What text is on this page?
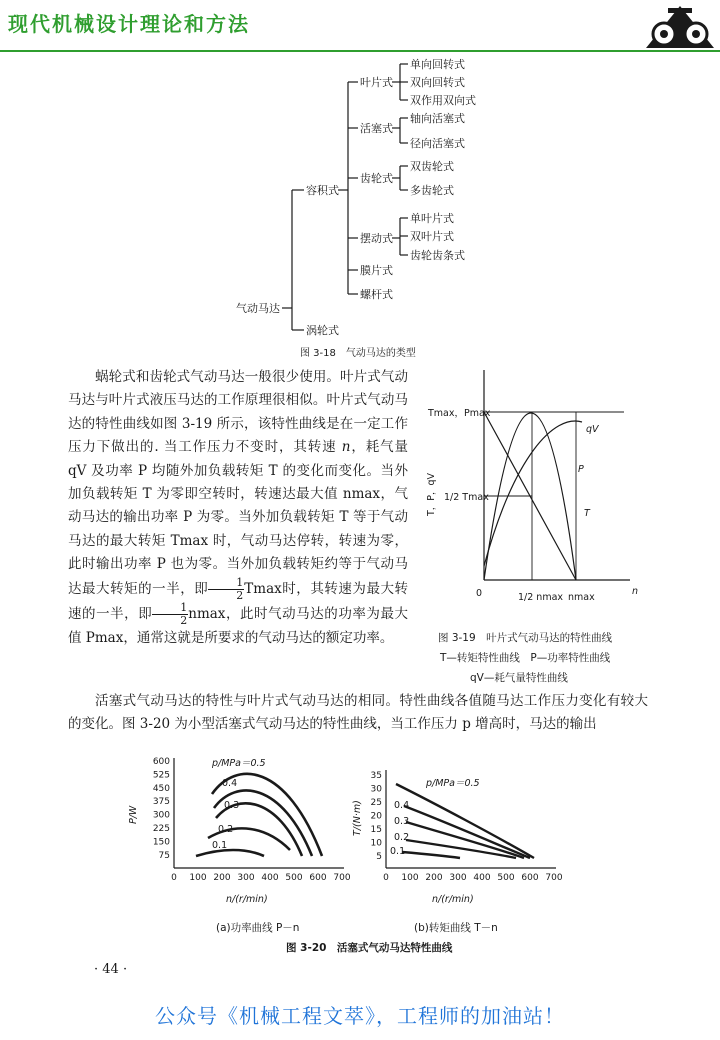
现代机械设计理论和方法
气动马达
容积式
涡轮式
叶片式
活塞式
齿轮式
摆动式
膜片式
螺杆式
单向回转式
双向回转式
双作用双向式
轴向活塞式
径向活塞式
双齿轮式
多齿轮式
单叶片式
双叶片式
齿轮齿条式
图 3-18　气动马达的类型

蜗轮式和齿轮式气动马达一般很少使用。叶片式气动马达与叶片式液压马达的工作原理很相似。叶片式气动马达的特性曲线如图 3-19 所示，该特性曲线是在一定工作压力下做出的. 当工作压力不变时，其转速 n，耗气量 qV 及功率 P 均随外加负载转矩 T 的变化而变化。当外加负载转矩 T 为零即空转时，转速达最大值 nmax，气动马达的输出功率 P 为零。当外加负载转矩 T 等于气动马达的最大转矩 Tmax 时，气动马达停转，转速为零，此时输出功率 P 也为零。当外加负载转矩约等于气动马达最大转矩的一半，即 $\frac{1}{2}$ Tmax时，其转速为最大转速的一半，即 $\frac{1}{2}$ nmax，此时气动马达的功率为最大值 Pmax，通常这就是所要求的气动马达的额定功率。

Tmax，Pmax
1/2 Tmax
0	1/2 nmax nmax
n
T，P，qV
qV
P
T
图 3-19　叶片式气动马达的特性曲线
T—转矩特性曲线　P—功率特性曲线
qV—耗气量特性曲线

活塞式气动马达的特性与叶片式气动马达的相同。特性曲线各值随马达工作压力变化有较大的变化。图 3-20 为小型活塞式气动马达的特性曲线，当工作压力 p 增高时，马达的输出

600
525
450
375
300
225
150
75
0 100 200 300 400 500 600 700
p/MPa＝0.5
0.4
0.3
0.2
0.1
P/W
n/(r/min)
35
30
25
20
15
10
5
0 100 200 300 400 500 600 700
p/MPa＝0.5
0.4
0.3
0.2
0.1
T/(N·m)
n/(r/min)
(a)功率曲线 P－n	(b)转矩曲线 T－n
图 3-20　活塞式气动马达特性曲线
· 44 ·
公众号《机械工程文萃》，工程师的加油站！
